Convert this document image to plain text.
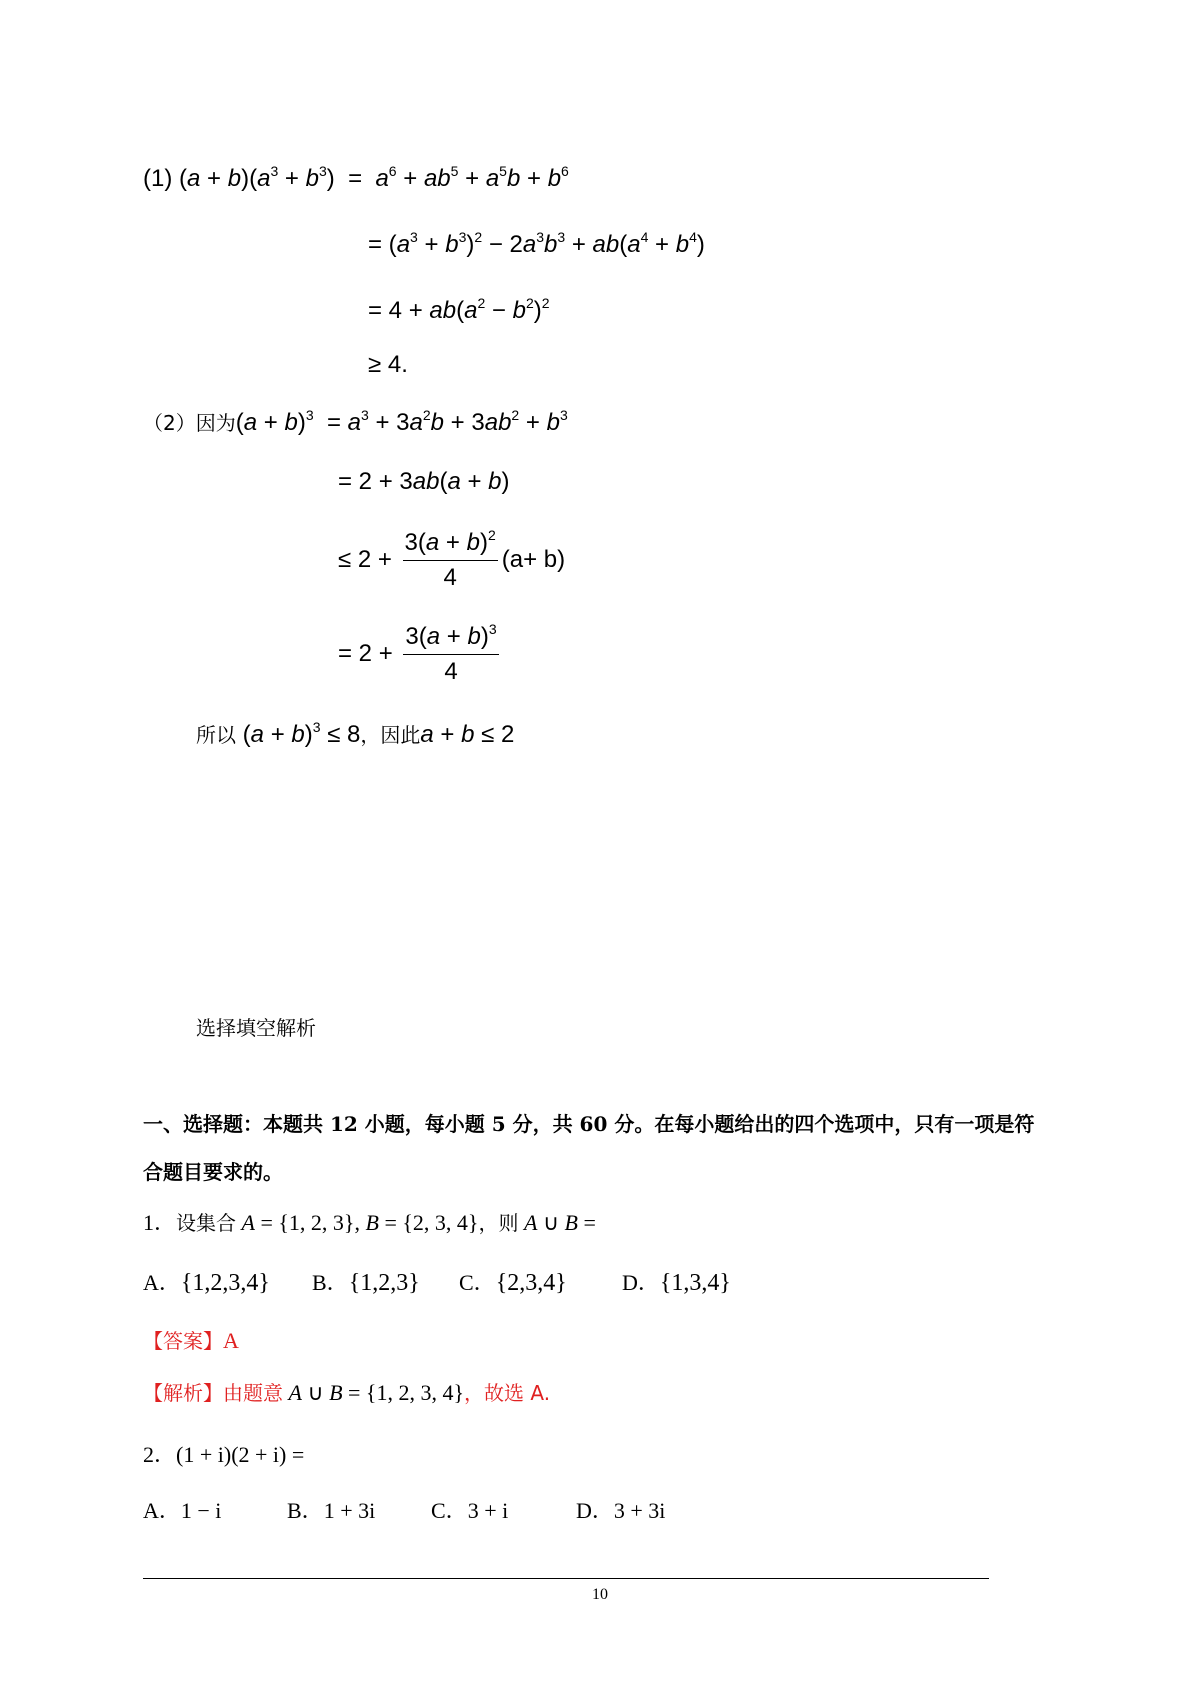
(1) $(a + b)(a^3 + b^3) = a^6 + ab^5 + a^5b + b^6$
= $(a^3 + b^3)^2 - 2a^3b^3 + ab(a^4 + b^4)$
= $4 + ab(a^2 - b^2)^2$
≥ 4.
（2）因为$(a + b)^3 = a^3 + 3a^2b + 3ab^2 + b^3$
= 2 + 3ab(a + b)
≤ $2 + \frac{3(a + b)^2}{4} (a+ b)$
= $2 + \frac{3(a + b)^3}{4}$
所以 $(a + b)^3 \le 8$，因此a + b ≤ 2
选择填空解析
一、选择题：本题共 12 小题，每小题 5 分，共 60 分。在每小题给出的四个选项中，只有一项是符
合题目要求的。
1．设集合 A = {1, 2, 3}, B = {2, 3, 4}，则 A ∪ B =
A．{1,2,3,4} B．{1,2,3} C．{2,3,4}	D．{1,3,4}
【答案】A
【解析】由题意 A ∪ B = {1, 2, 3, 4}，故选 A.
2．(1 + i)(2 + i) =
A．1 − i	B．1 + 3i	C．3 + i	D．3 + 3i
10
